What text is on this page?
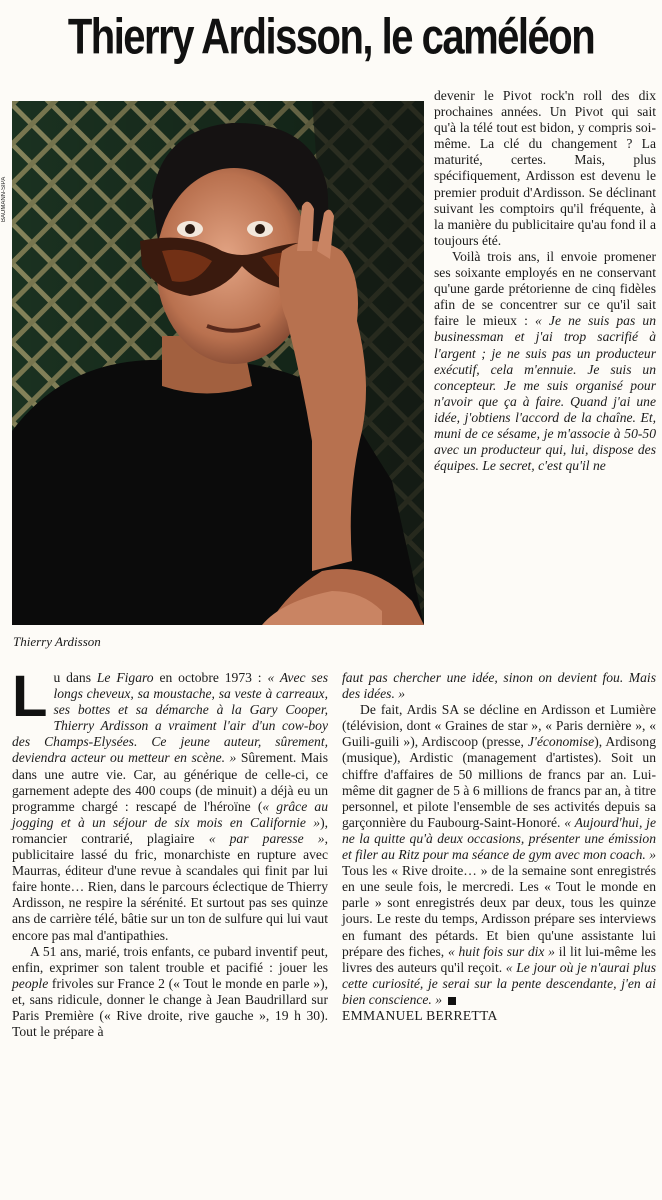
Thierry Ardisson, le caméléon
BAUMANN-SIPA
Thierry Ardisson

devenir le Pivot rock'n roll des dix prochaines années. Un Pivot qui sait qu'à la télé tout est bidon, y compris soi-même. La clé du changement ? La maturité, certes. Mais, plus spécifiquement, Ardisson est devenu le premier produit d'Ardisson. Se déclinant suivant les comptoirs qu'il fréquente, à la manière du publicitaire qu'au fond il a toujours été.

Voilà trois ans, il envoie promener ses soixante employés en ne conservant qu'une garde prétorienne de cinq fidèles afin de se concentrer sur ce qu'il sait faire le mieux : « Je ne suis pas un businessman et j'ai trop sacrifié à l'argent ; je ne suis pas un producteur exécutif, cela m'ennuie. Je suis un concepteur. Je me suis organisé pour n'avoir que ça à faire. Quand j'ai une idée, j'obtiens l'accord de la chaîne. Et, muni de ce sésame, je m'associe à 50-50 avec un producteur qui, lui, dispose des équipes. Le secret, c'est qu'il ne

L u dans Le Figaro en octobre 1973 : « Avec ses longs cheveux, sa moustache, sa veste à carreaux, ses bottes et sa démarche à la Gary Cooper, Thierry Ardisson a vraiment l'air d'un cow-boy des Champs-Elysées. Ce jeune auteur, sûrement, deviendra acteur ou metteur en scène. » Sûrement. Mais dans une autre vie. Car, au générique de celle-ci, ce garnement adepte des 400 coups (de minuit) a déjà eu un programme chargé : rescapé de l'héroïne (« grâce au jogging et à un séjour de six mois en Californie »), romancier contrarié, plagiaire « par paresse », publicitaire lassé du fric, monarchiste en rupture avec Maurras, éditeur d'une revue à scandales qui finit par lui faire honte… Rien, dans le parcours éclectique de Thierry Ardisson, ne respire la sérénité. Et surtout pas ses quinze ans de carrière télé, bâtie sur un ton de sulfure qui lui vaut encore pas mal d'antipathies.

A 51 ans, marié, trois enfants, ce pubard inventif peut, enfin, exprimer son talent trouble et pacifié : jouer les people frivoles sur France 2 (« Tout le monde en parle »), et, sans ridicule, donner le change à Jean Baudrillard sur Paris Première (« Rive droite, rive gauche », 19 h 30). Tout le prépare à

faut pas chercher une idée, sinon on devient fou. Mais des idées. »

De fait, Ardis SA se décline en Ardisson et Lumière (télévision, dont « Graines de star », « Paris dernière », « Guili-guili »), Ardiscoop (presse, J'économise), Ardisong (musique), Ardistic (management d'artistes). Soit un chiffre d'affaires de 50 millions de francs par an. Lui-même dit gagner de 5 à 6 millions de francs par an, à titre personnel, et pilote l'ensemble de ses activités depuis sa garçonnière du Faubourg-Saint-Honoré. « Aujourd'hui, je ne la quitte qu'à deux occasions, présenter une émission et filer au Ritz pour ma séance de gym avec mon coach. » Tous les « Rive droite… » de la semaine sont enregistrés en une seule fois, le mercredi. Les « Tout le monde en parle » sont enregistrés deux par deux, tous les quinze jours. Le reste du temps, Ardisson prépare ses interviews en fumant des pétards. Et bien qu'une assistante lui prépare des fiches, « huit fois sur dix » il lit lui-même les livres des auteurs qu'il reçoit. « Le jour où je n'aurai plus cette curiosité, je serai sur la pente descendante, j'en ai bien conscience. »

EMMANUEL BERRETTA
